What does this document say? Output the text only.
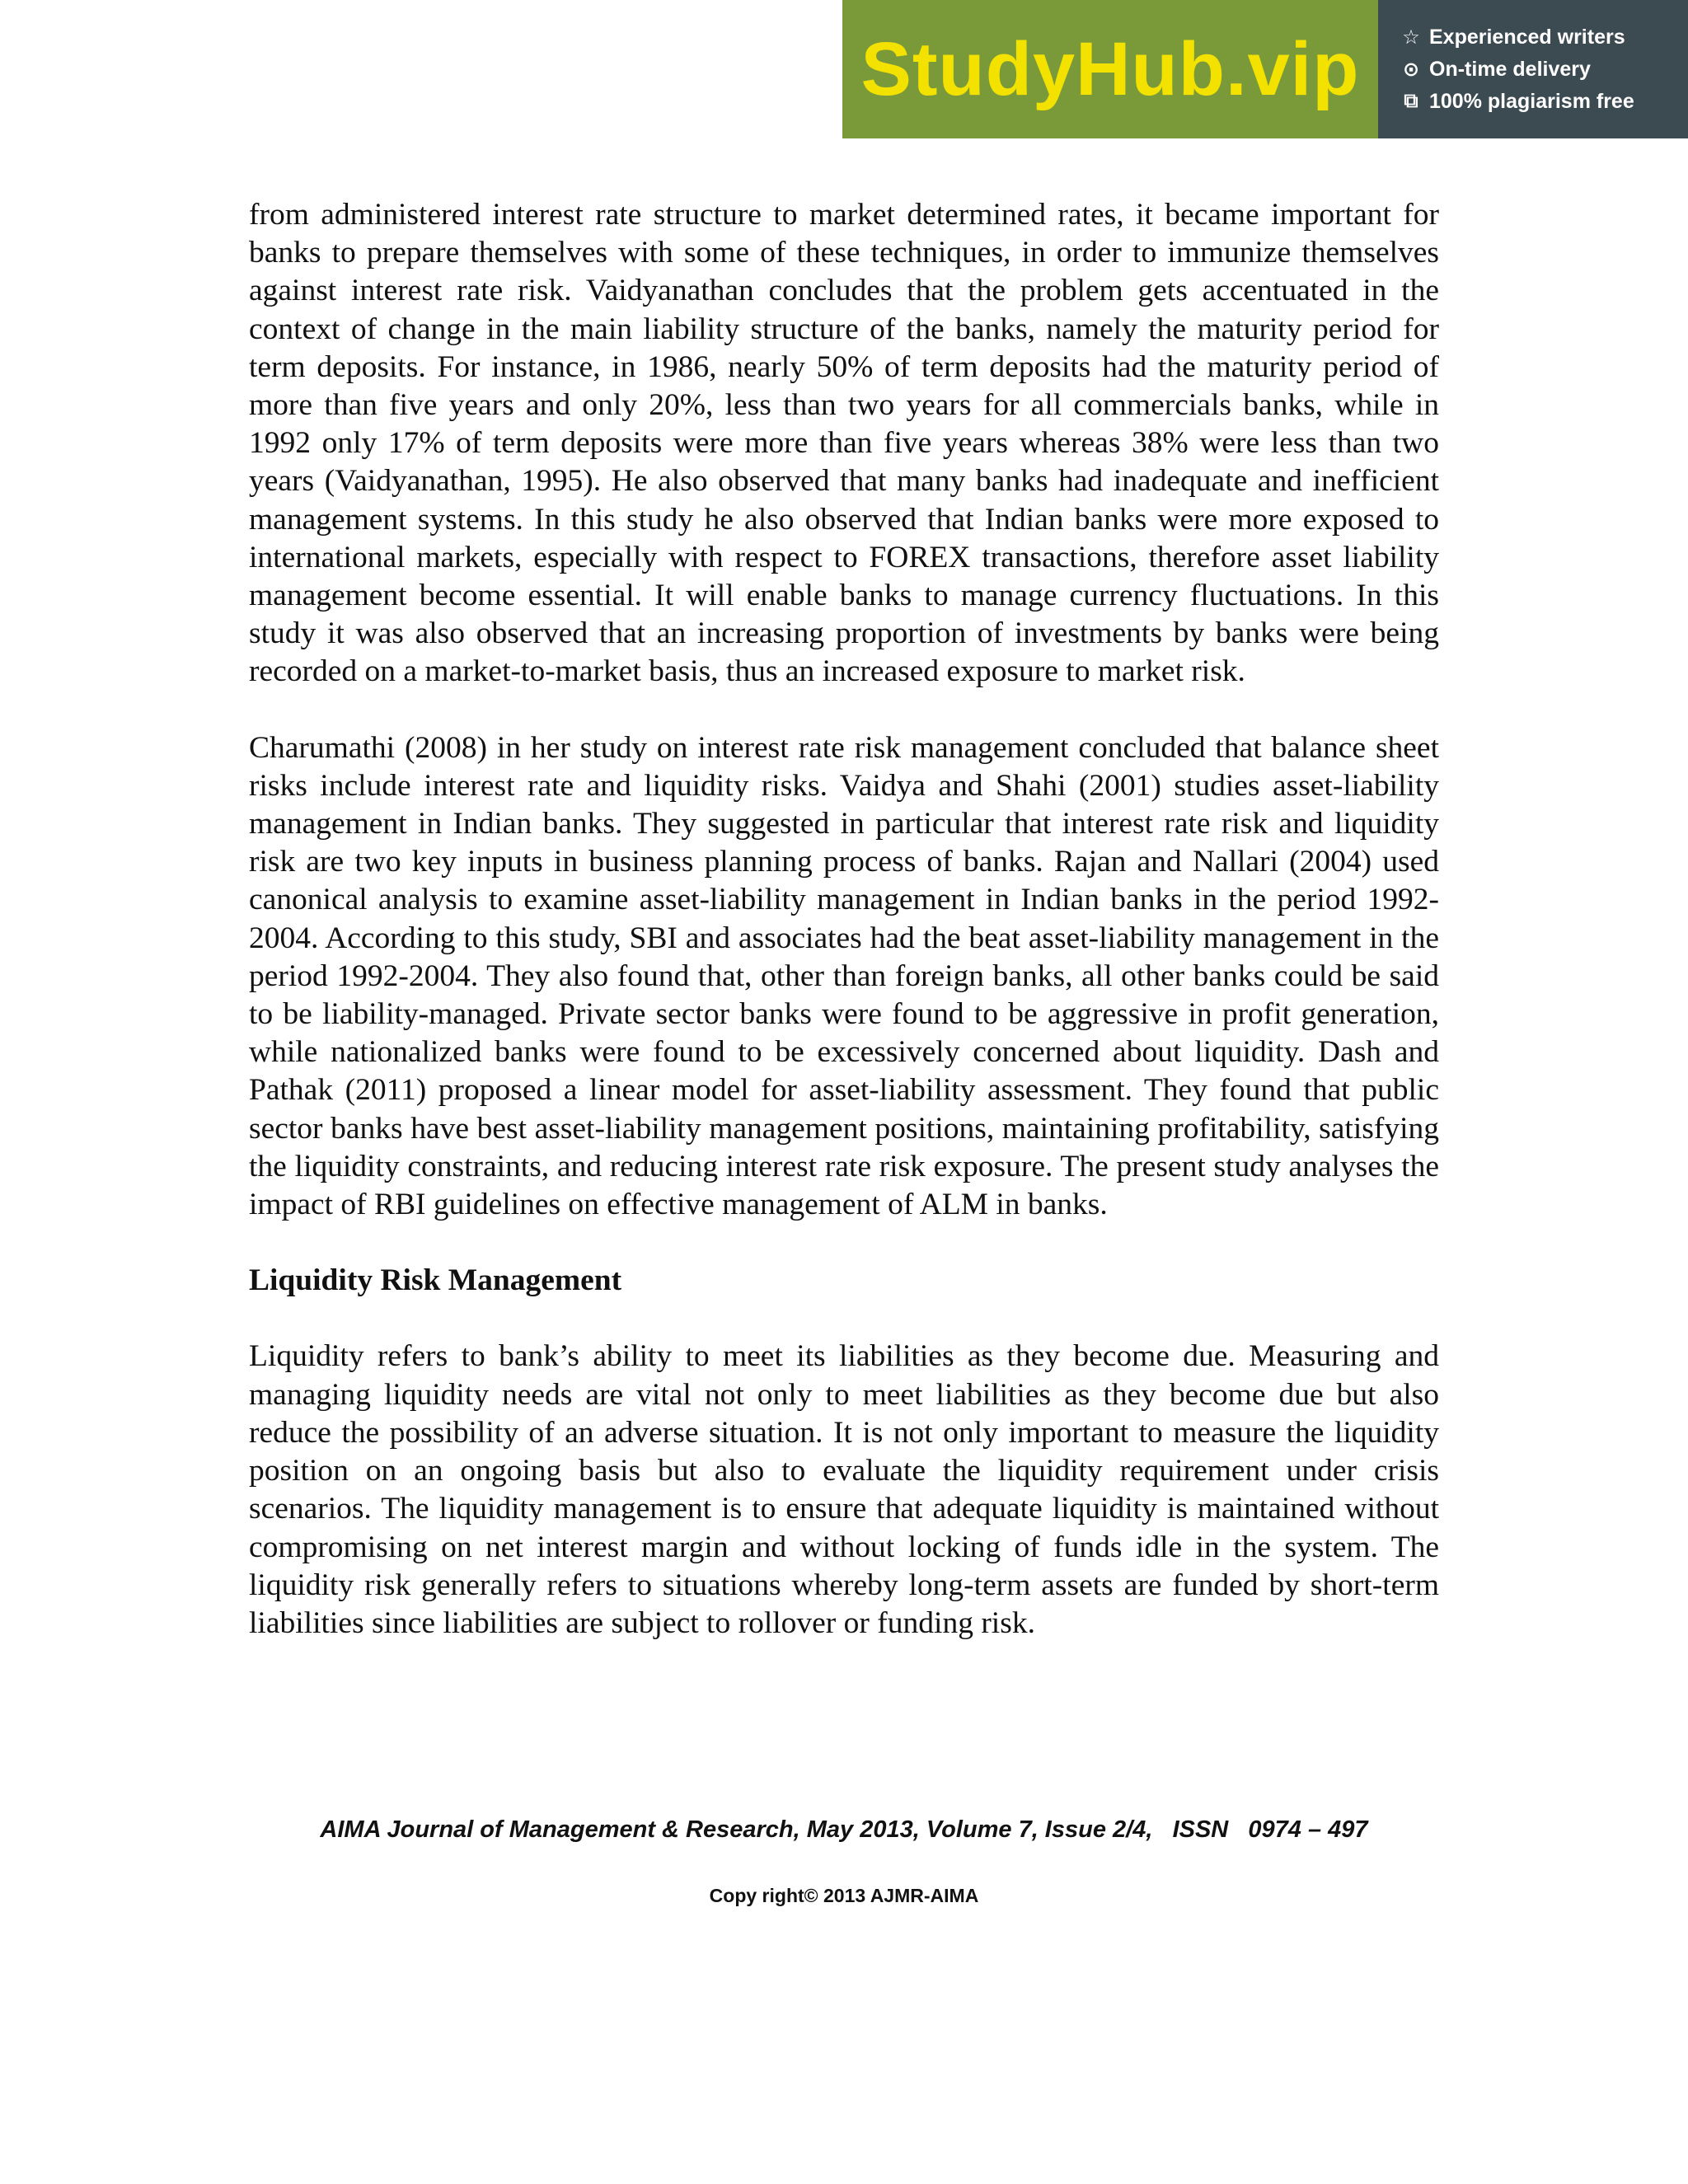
StudyHub.vip ☆ Experienced writers
⊙ On-time delivery
⧉ 100% plagiarism free

from administered interest rate structure to market determined rates, it became important for banks to prepare themselves with some of these techniques, in order to immunize themselves against interest rate risk. Vaidyanathan concludes that the problem gets accentuated in the context of change in the main liability structure of the banks, namely the maturity period for term deposits. For instance, in 1986, nearly 50% of term deposits had the maturity period of more than five years and only 20%, less than two years for all commercials banks, while in 1992 only 17% of term deposits were more than five years whereas 38% were less than two years (Vaidyanathan, 1995). He also observed that many banks had inadequate and inefficient management systems. In this study he also observed that Indian banks were more exposed to international markets, especially with respect to FOREX transactions, therefore asset liability management become essential. It will enable banks to manage currency fluctuations. In this study it was also observed that an increasing proportion of investments by banks were being recorded on a market-to-market basis, thus an increased exposure to market risk.

Charumathi (2008) in her study on interest rate risk management concluded that balance sheet risks include interest rate and liquidity risks. Vaidya and Shahi (2001) studies asset-liability management in Indian banks. They suggested in particular that interest rate risk and liquidity risk are two key inputs in business planning process of banks. Rajan and Nallari (2004) used canonical analysis to examine asset-liability management in Indian banks in the period 1992-2004. According to this study, SBI and associates had the beat asset-liability management in the period 1992-2004. They also found that, other than foreign banks, all other banks could be said to be liability-managed. Private sector banks were found to be aggressive in profit generation, while nationalized banks were found to be excessively concerned about liquidity. Dash and Pathak (2011) proposed a linear model for asset-liability assessment. They found that public sector banks have best asset-liability management positions, maintaining profitability, satisfying the liquidity constraints, and reducing interest rate risk exposure. The present study analyses the impact of RBI guidelines on effective management of ALM in banks.

Liquidity Risk Management

Liquidity refers to bank’s ability to meet its liabilities as they become due. Measuring and managing liquidity needs are vital not only to meet liabilities as they become due but also reduce the possibility of an adverse situation. It is not only important to measure the liquidity position on an ongoing basis but also to evaluate the liquidity requirement under crisis scenarios. The liquidity management is to ensure that adequate liquidity is maintained without compromising on net interest margin and without locking of funds idle in the system. The liquidity risk generally refers to situations whereby long-term assets are funded by short-term liabilities since liabilities are subject to rollover or funding risk.

AIMA Journal of Management & Research, May 2013, Volume 7, Issue 2/4,   ISSN   0974 – 497
Copy right© 2013 AJMR-AIMA
